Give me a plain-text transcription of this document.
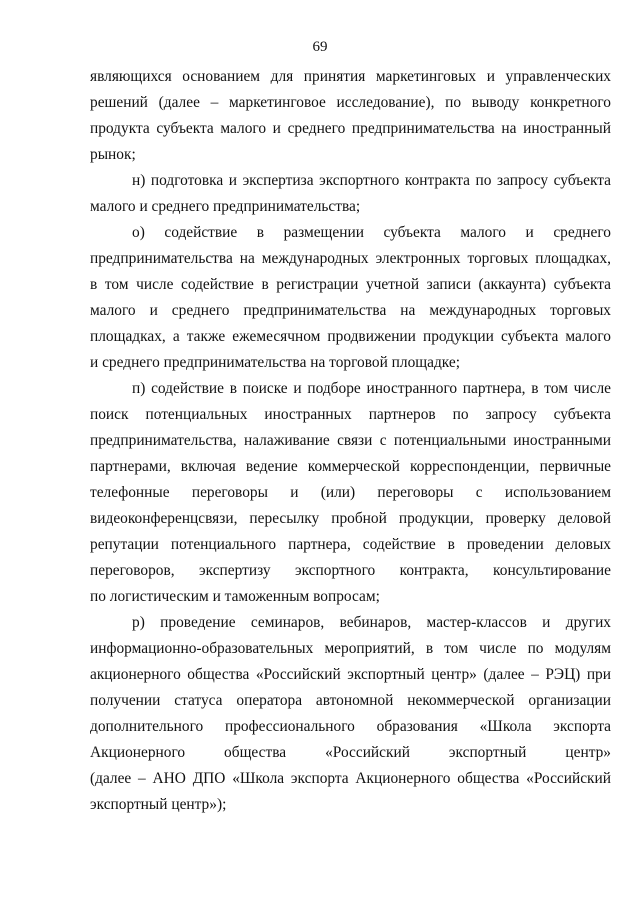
69
являющихся основанием для принятия маркетинговых и управленческих
решений (далее – маркетинговое исследование), по выводу конкретного
продукта субъекта малого и среднего предпринимательства на иностранный
рынок;
н) подготовка и экспертиза экспортного контракта по запросу субъекта
малого и среднего предпринимательства;
о) содействие в размещении субъекта малого и среднего
предпринимательства на международных электронных торговых площадках,
в том числе содействие в регистрации учетной записи (аккаунта) субъекта
малого и среднего предпринимательства на международных торговых
площадках, а также ежемесячном продвижении продукции субъекта малого
и среднего предпринимательства на торговой площадке;
п) содействие в поиске и подборе иностранного партнера, в том числе
поиск потенциальных иностранных партнеров по запросу субъекта
предпринимательства, налаживание связи с потенциальными иностранными
партнерами, включая ведение коммерческой корреспонденции, первичные
телефонные переговоры и (или) переговоры с использованием
видеоконференцсвязи, пересылку пробной продукции, проверку деловой
репутации потенциального партнера, содействие в проведении деловых
переговоров, экспертизу экспортного контракта, консультирование
по логистическим и таможенным вопросам;
р) проведение семинаров, вебинаров, мастер-классов и других
информационно-образовательных мероприятий, в том числе по модулям
акционерного общества «Российский экспортный центр» (далее – РЭЦ) при
получении статуса оператора автономной некоммерческой организации
дополнительного профессионального образования «Школа экспорта
Акционерного общества «Российский экспортный центр»
(далее – АНО ДПО «Школа экспорта Акционерного общества «Российский
экспортный центр»);
